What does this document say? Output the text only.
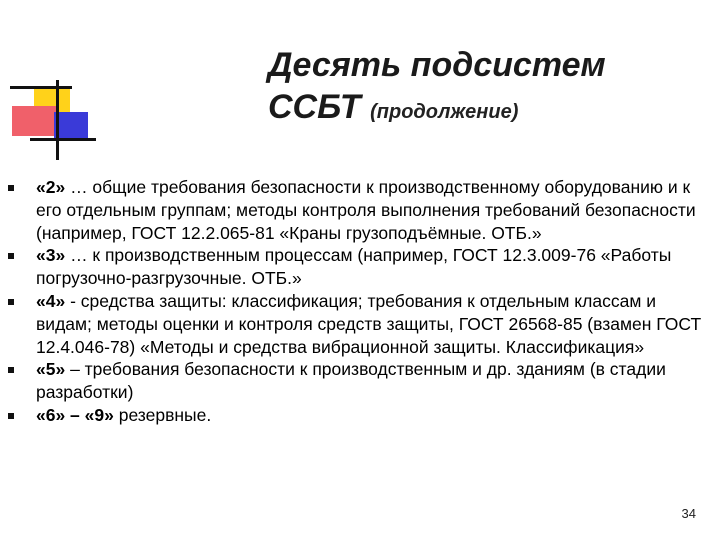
Десять подсистем
ССБТ (продолжение)
«2» … общие требования безопасности к производственному оборудованию и к его отдельным группам; методы контроля выполнения требований безопасности (например, ГОСТ 12.2.065-81 «Краны грузоподъёмные. ОТБ.»
«3» … к производственным процессам (например, ГОСТ 12.3.009-76 «Работы погрузочно-разгрузочные. ОТБ.»
«4» - средства защиты: классификация; требования к отдельным классам и видам; методы оценки и контроля средств защиты, ГОСТ 26568-85 (взамен ГОСТ 12.4.046-78) «Методы и средства вибрационной защиты. Классификация»
«5» – требования безопасности к производственным и др. зданиям (в стадии разработки)
«6» – «9» резервные.
34
